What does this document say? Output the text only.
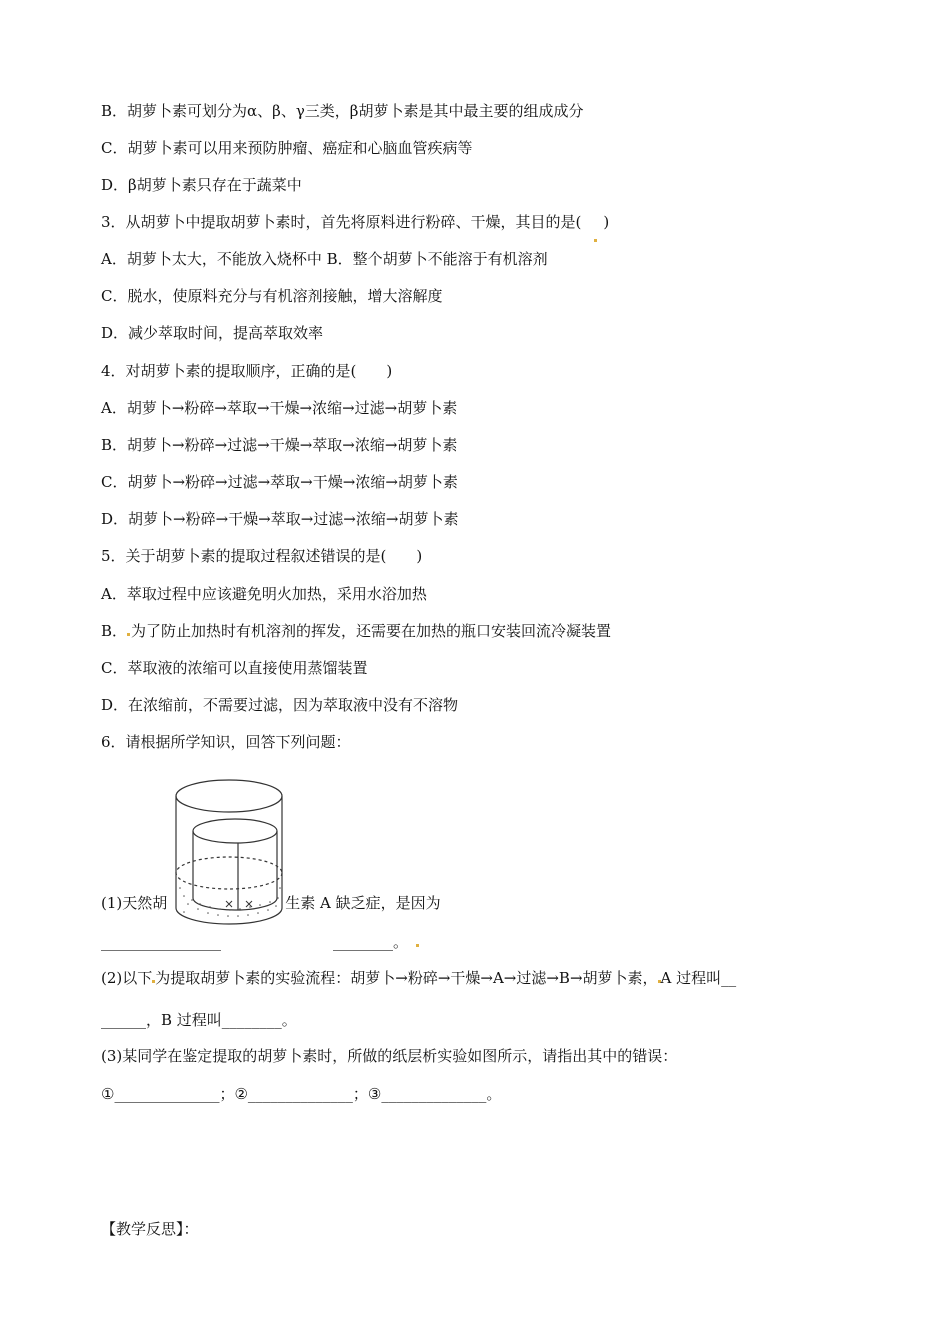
B．胡萝卜素可划分为α、β、γ三类，β胡萝卜素是其中最主要的组成成分
C．胡萝卜素可以用来预防肿瘤、癌症和心脑血管疾病等
D．β胡萝卜素只存在于蔬菜中
3．从胡萝卜中提取胡萝卜素时，首先将原料进行粉碎、干燥，其目的是( )
A．胡萝卜太大，不能放入烧杯中 B．整个胡萝卜不能溶于有机溶剂
C．脱水，使原料充分与有机溶剂接触，增大溶解度
D．减少萃取时间，提高萃取效率
4．对胡萝卜素的提取顺序，正确的是(　　)
A．胡萝卜→粉碎→萃取→干燥→浓缩→过滤→胡萝卜素
B．胡萝卜→粉碎→过滤→干燥→萃取→浓缩→胡萝卜素
C．胡萝卜→粉碎→过滤→萃取→干燥→浓缩→胡萝卜素
D．胡萝卜→粉碎→干燥→萃取→过滤→浓缩→胡萝卜素
5．关于胡萝卜素的提取过程叙述错误的是(　　)
A．萃取过程中应该避免明火加热，采用水浴加热
B． 为了防止加热时有机溶剂的挥发，还需要在加热的瓶口安装回流冷凝装置
C．萃取液的浓缩可以直接使用蒸馏装置
D．在浓缩前，不需要过滤，因为萃取液中没有不溶物
6．请根据所学知识，回答下列问题：
(1)天然胡	生素 A 缺乏症，是因为
________________	________。
(2)以下 为提取胡萝卜素的实验流程：胡萝卜→粉碎→干燥→A→过滤→B→胡萝卜素， A 过程叫__
______，B 过程叫________。
(3)某同学在鉴定提取的胡萝卜素时，所做的纸层析实验如图所示，请指出其中的错误：
①______________；②______________；③______________。
【教学反思】：
